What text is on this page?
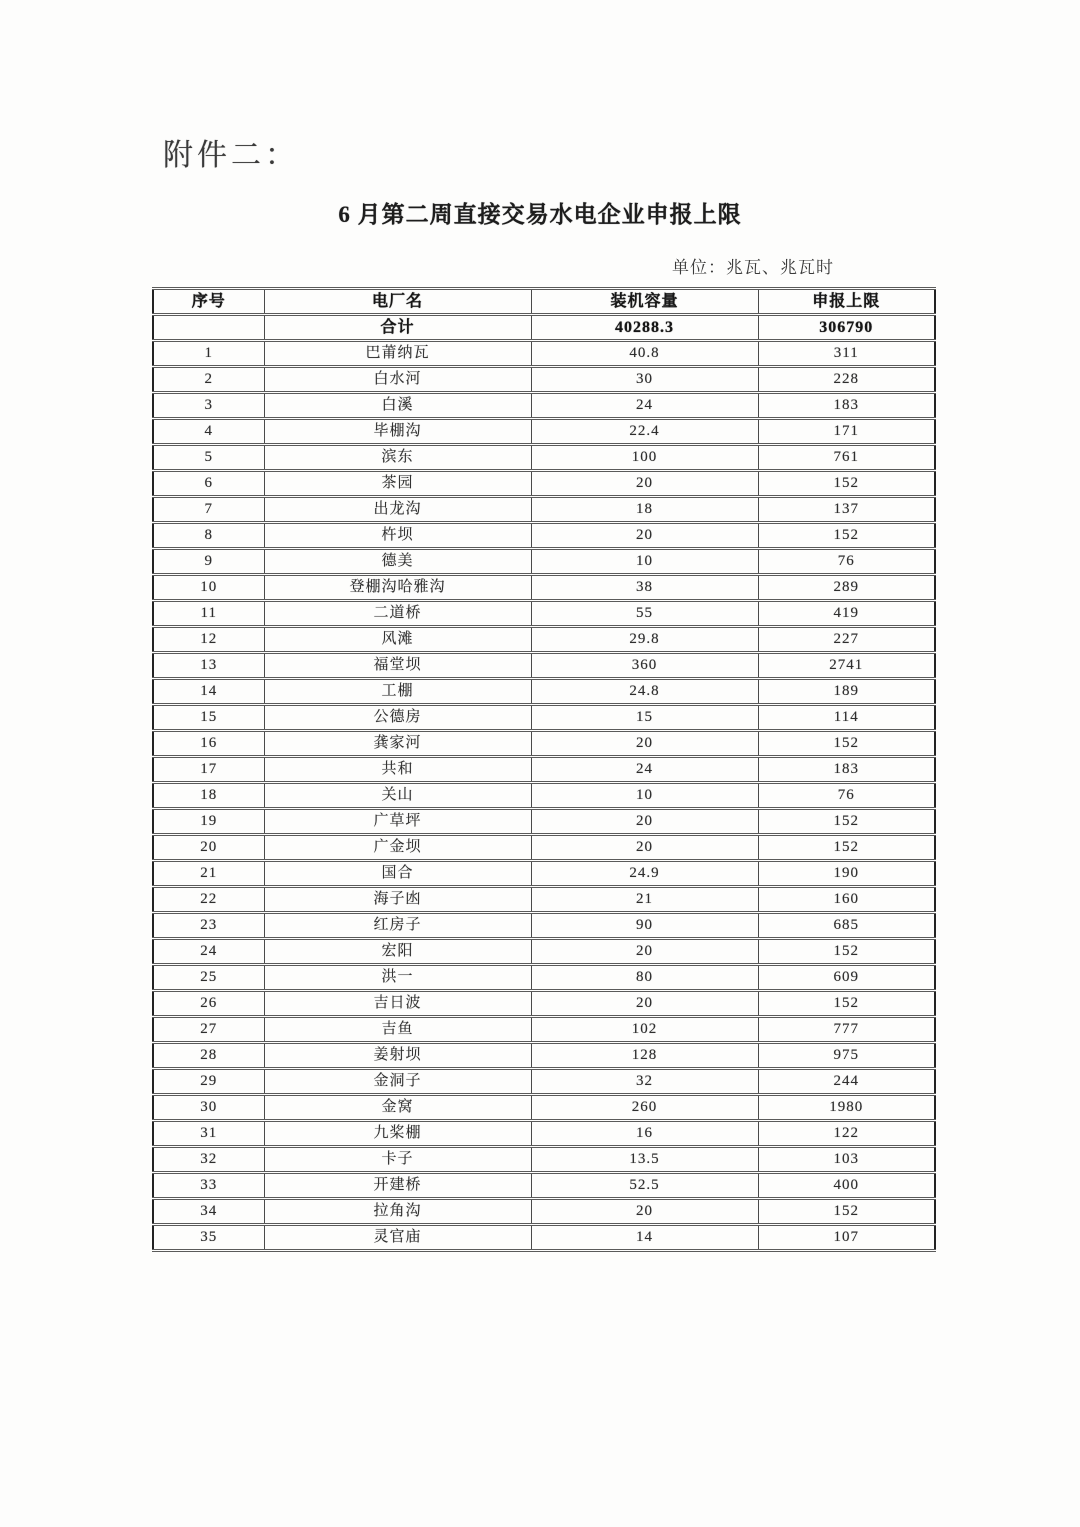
附件二：
6 月第二周直接交易水电企业申报上限
单位：兆瓦、兆瓦时
序号	电厂名	装机容量	申报上限
	合计	40288.3	306790
1	巴莆纳瓦	40.8	311
2	白水河	30	228
3	白溪	24	183
4	毕棚沟	22.4	171
5	滨东	100	761
6	茶园	20	152
7	出龙沟	18	137
8	杵坝	20	152
9	德美	10	76
10	登棚沟哈雅沟	38	289
11	二道桥	55	419
12	风滩	29.8	227
13	福堂坝	360	2741
14	工棚	24.8	189
15	公德房	15	114
16	龚家河	20	152
17	共和	24	183
18	关山	10	76
19	广草坪	20	152
20	广金坝	20	152
21	国合	24.9	190
22	海子凼	21	160
23	红房子	90	685
24	宏阳	20	152
25	洪一	80	609
26	吉日波	20	152
27	吉鱼	102	777
28	姜射坝	128	975
29	金洞子	32	244
30	金窝	260	1980
31	九桨棚	16	122
32	卡子	13.5	103
33	开建桥	52.5	400
34	拉角沟	20	152
35	灵官庙	14	107
